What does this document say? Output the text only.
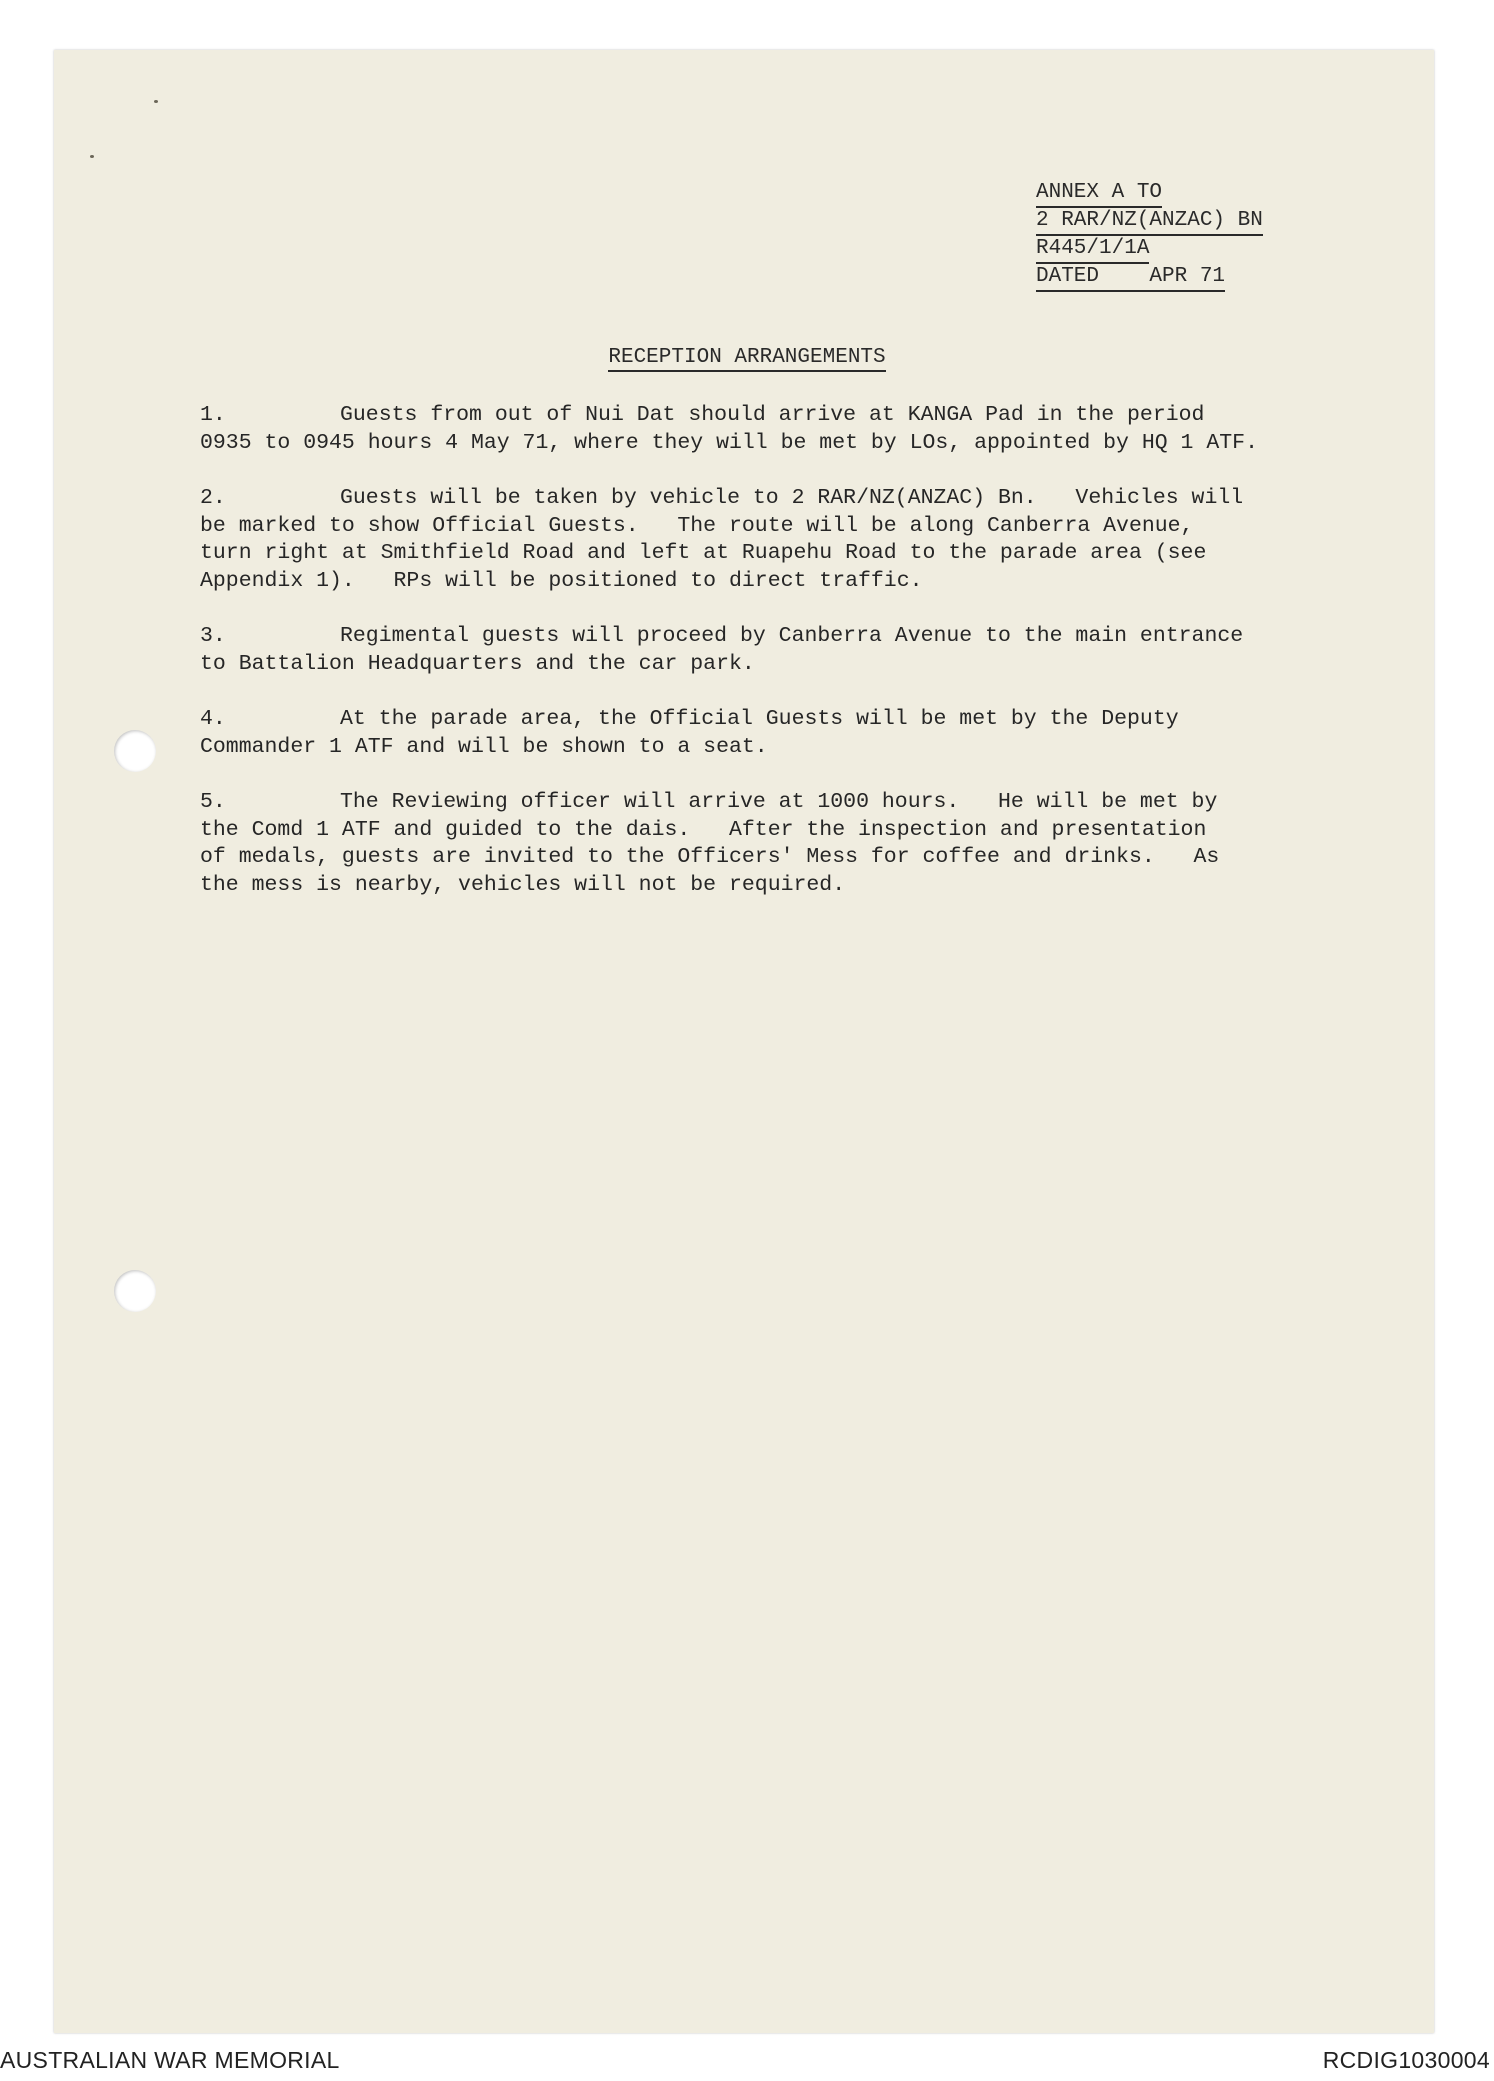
ANNEX A TO
2 RAR/NZ(ANZAC) BN
R445/1/1A
DATED    APR 71
RECEPTION ARRANGEMENTS
1.	Guests from out of Nui Dat should arrive at KANGA Pad in the period
0935 to 0945 hours 4 May 71, where they will be met by LOs, appointed by HQ 1 ATF.
2.	Guests will be taken by vehicle to 2 RAR/NZ(ANZAC) Bn.   Vehicles will
be marked to show Official Guests.   The route will be along Canberra Avenue,
turn right at Smithfield Road and left at Ruapehu Road to the parade area (see
Appendix 1).   RPs will be positioned to direct traffic.
3.	Regimental guests will proceed by Canberra Avenue to the main entrance
to Battalion Headquarters and the car park.
4.	At the parade area, the Official Guests will be met by the Deputy
Commander 1 ATF and will be shown to a seat.
5.	The Reviewing officer will arrive at 1000 hours.   He will be met by
the Comd 1 ATF and guided to the dais.   After the inspection and presentation
of medals, guests are invited to the Officers' Mess for coffee and drinks.   As
the mess is nearby, vehicles will not be required.
AUSTRALIAN WAR MEMORIAL	RCDIG1030004
